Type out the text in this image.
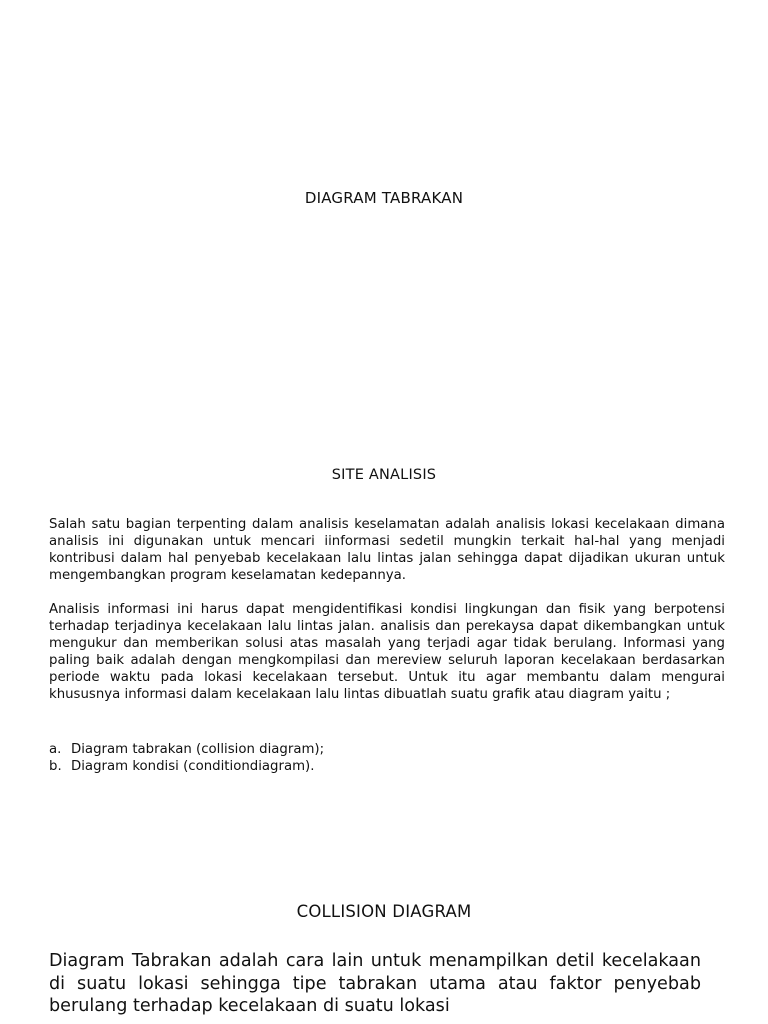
DIAGRAM TABRAKAN
SITE ANALISIS

Salah satu bagian terpenting dalam analisis keselamatan adalah analisis lokasi kecelakaan dimana analisis ini digunakan untuk mencari iinformasi sedetil mungkin terkait hal-hal yang menjadi kontribusi dalam hal penyebab kecelakaan lalu lintas jalan sehingga dapat dijadikan ukuran untuk mengembangkan program keselamatan kedepannya.

Analisis informasi ini harus dapat mengidentifikasi kondisi lingkungan dan fisik yang berpotensi terhadap terjadinya kecelakaan lalu lintas jalan. analisis dan perekaysa dapat dikembangkan untuk mengukur dan memberikan solusi atas masalah yang terjadi agar tidak berulang. Informasi yang paling baik adalah dengan mengkompilasi dan mereview seluruh laporan kecelakaan berdasarkan periode waktu pada lokasi kecelakaan tersebut. Untuk itu agar membantu dalam mengurai khususnya informasi dalam kecelakaan lalu lintas dibuatlah suatu grafik atau diagram yaitu ;

a. Diagram tabrakan (collision diagram);
b. Diagram kondisi (conditiondiagram).
COLLISION DIAGRAM

Diagram Tabrakan adalah cara lain untuk menampilkan detil kecelakaan di suatu lokasi sehingga tipe tabrakan utama atau faktor penyebab berulang terhadap kecelakaan di suatu lokasi
